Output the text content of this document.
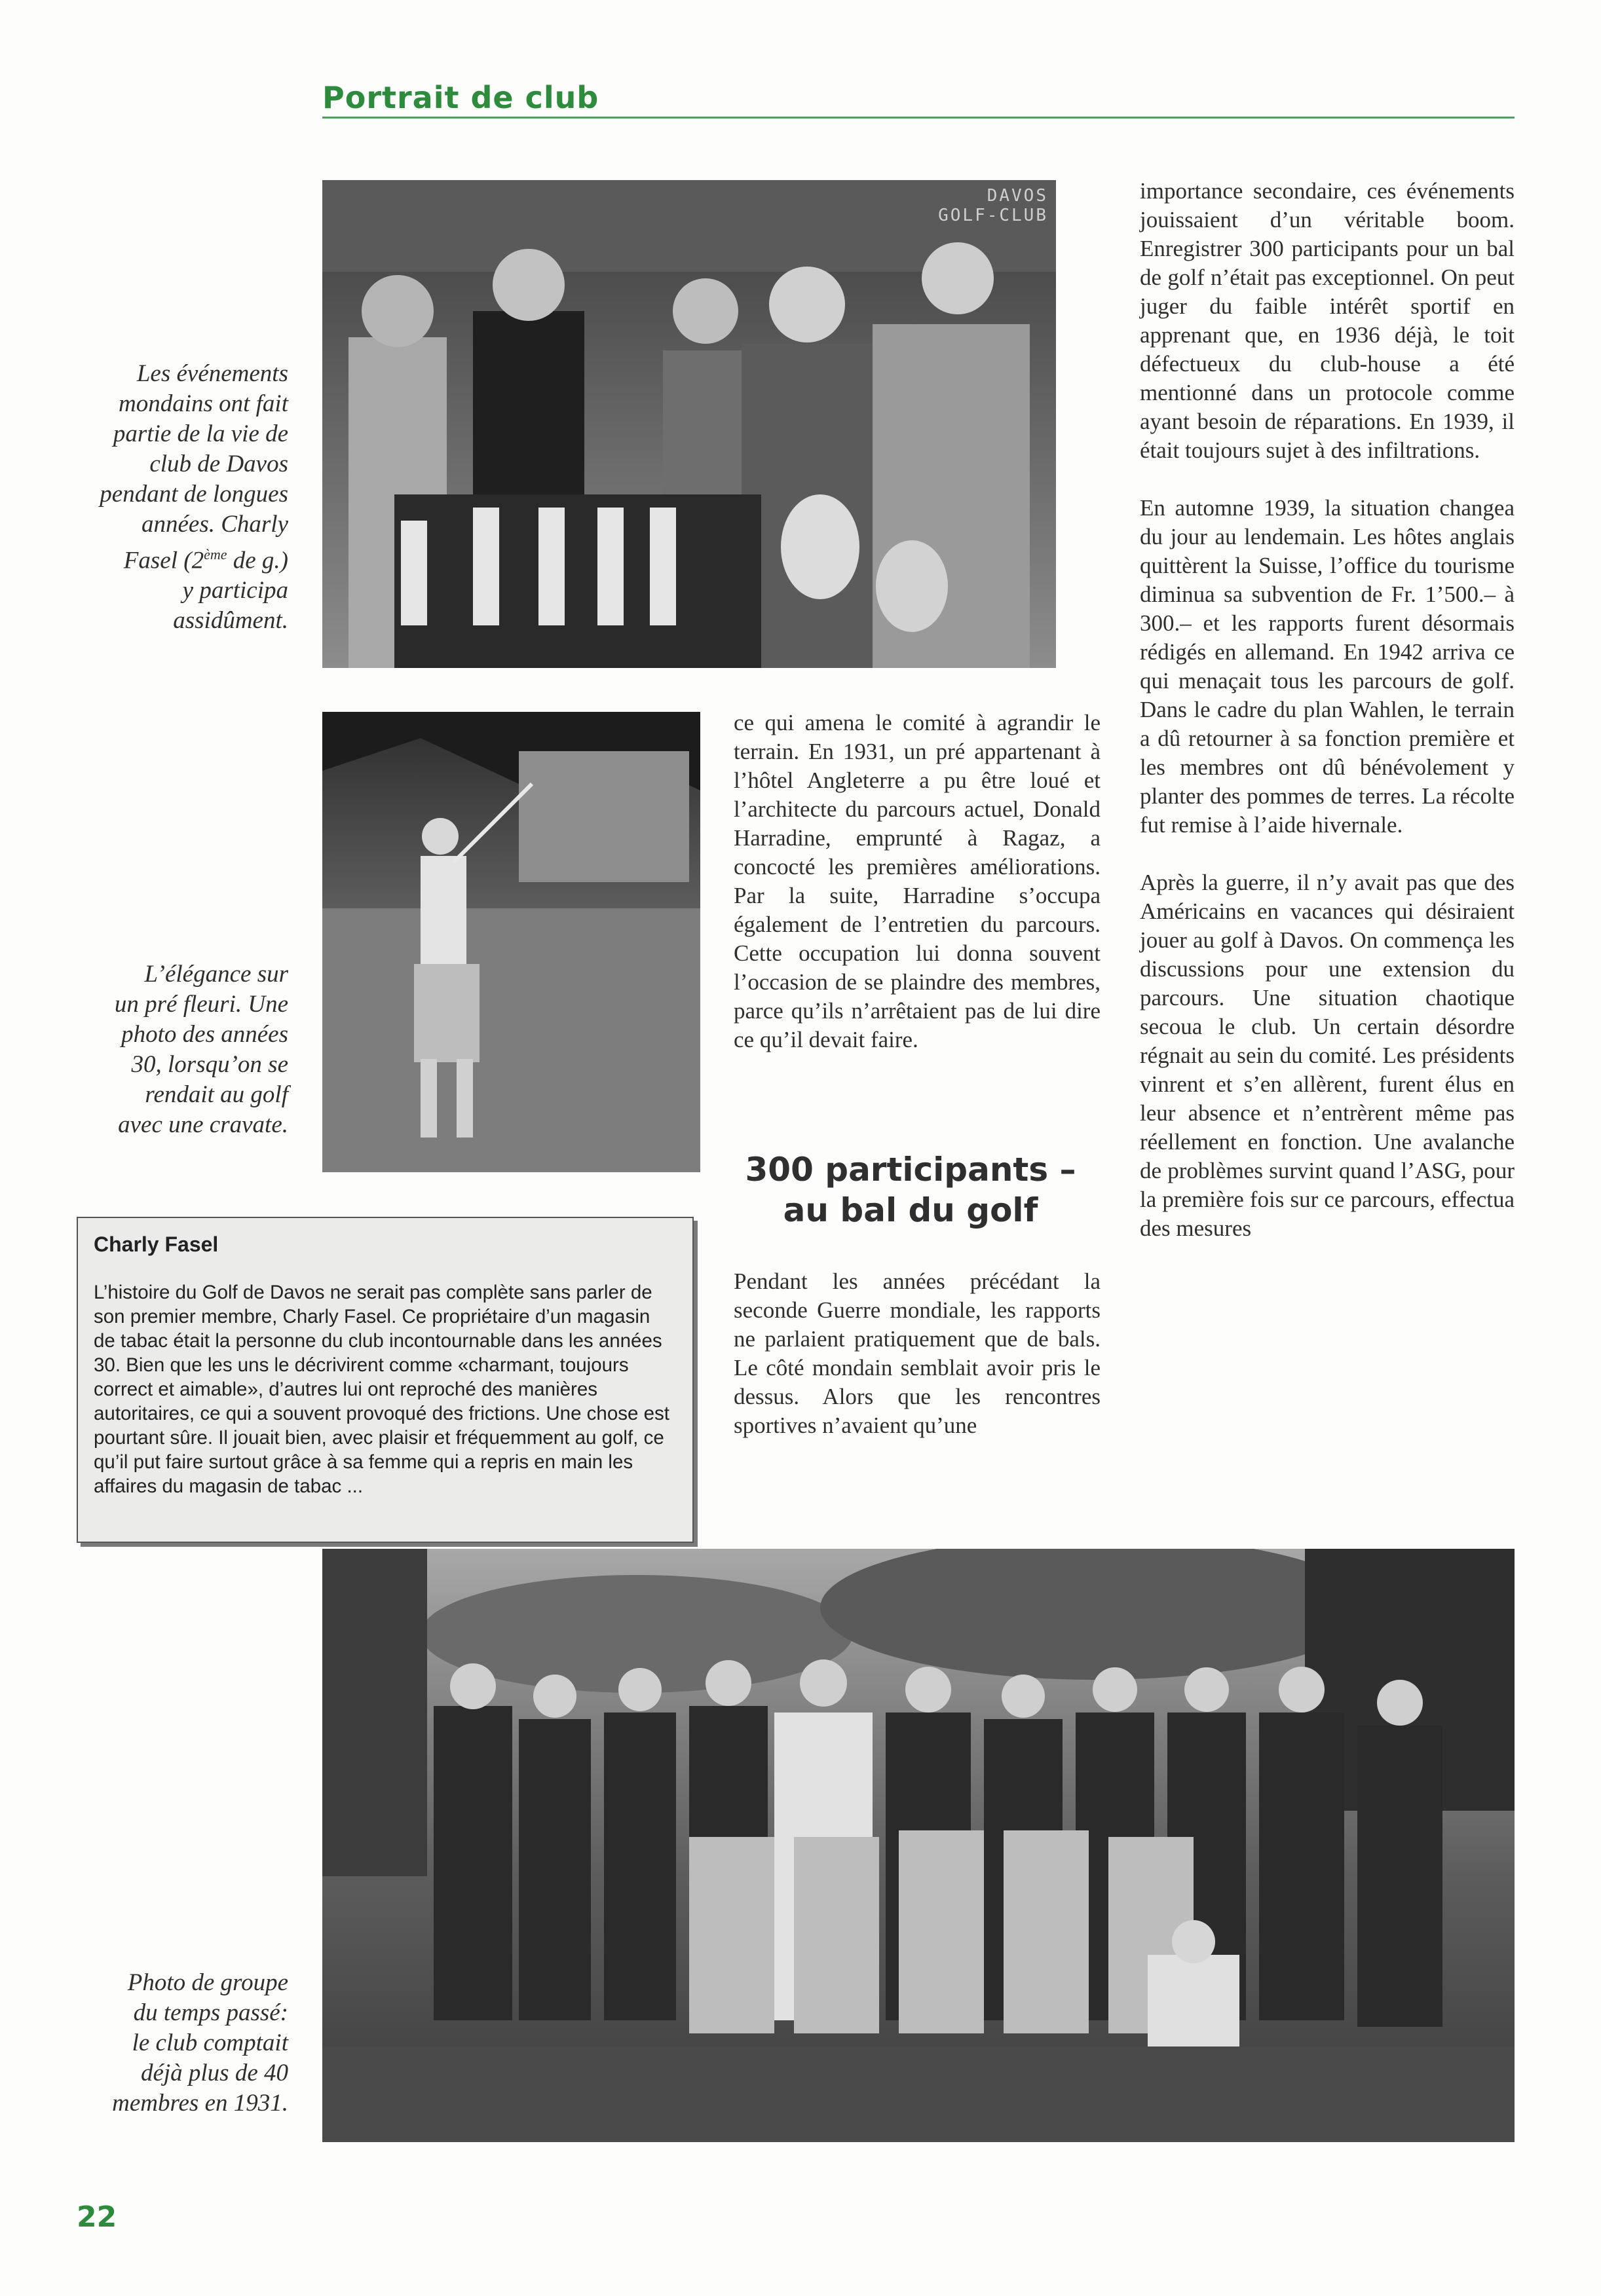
Portrait de club
DAVOS
GOLF-CLUB
Les événements
mondains ont fait
partie de la vie de
club de Davos
pendant de longues
années. Charly
Fasel (2ème de g.)
y participa
assidûment.
L’élégance sur
un pré fleuri. Une
photo des années
30, lorsqu’on se
rendait au golf
avec une cravate.
Photo de groupe
du temps passé:
le club comptait
déjà plus de 40
membres en 1931.
Charly Fasel
L’histoire du Golf de Davos ne serait pas complète sans parler de son premier membre, Charly Fasel. Ce propriétaire d’un magasin de tabac était la personne du club incontournable dans les années 30. Bien que les uns le décrivirent comme «charmant, toujours correct et aimable», d’autres lui ont reproché des manières autoritaires, ce qui a souvent provoqué des frictions. Une chose est pourtant sûre. Il jouait bien, avec plaisir et fréquemment au golf, ce qu’il put faire surtout grâce à sa femme qui a repris en main les affaires du magasin de tabac ...

ce qui amena le comité à agrandir le terrain. En 1931, un pré appartenant à l’hôtel Angleterre a pu être loué et l’architecte du parcours actuel, Donald Harradine, emprunté à Ragaz, a concocté les premières améliorations. Par la suite, Harradine s’occupa également de l’entretien du parcours. Cette occupation lui donna souvent l’occasion de se plaindre des membres, parce qu’ils n’arrêtaient pas de lui dire ce qu’il devait faire.

300 participants –
au bal du golf

Pendant les années précédant la seconde Guerre mondiale, les rapports ne parlaient pratiquement que de bals. Le côté mondain semblait avoir pris le dessus. Alors que les rencontres sportives n’avaient qu’une

importance secondaire, ces événements jouissaient d’un véritable boom. Enregistrer 300 participants pour un bal de golf n’était pas exceptionnel. On peut juger du faible intérêt sportif en apprenant que, en 1936 déjà, le toit défectueux du club-house a été mentionné dans un protocole comme ayant besoin de réparations. En 1939, il était toujours sujet à des infiltrations.

En automne 1939, la situation changea du jour au lendemain. Les hôtes anglais quittèrent la Suisse, l’office du tourisme diminua sa subvention de Fr. 1’500.– à 300.– et les rapports furent désormais rédigés en allemand. En 1942 arriva ce qui menaçait tous les parcours de golf. Dans le cadre du plan Wahlen, le terrain a dû retourner à sa fonction première et les membres ont dû bénévolement y planter des pommes de terres. La récolte fut remise à l’aide hivernale.

Après la guerre, il n’y avait pas que des Américains en vacances qui désiraient jouer au golf à Davos. On commença les discussions pour une extension du parcours. Une situation chaotique secoua le club. Un certain désordre régnait au sein du comité. Les présidents vinrent et s’en allèrent, furent élus en leur absence et n’entrèrent même pas réellement en fonction. Une avalanche de problèmes survint quand l’ASG, pour la première fois sur ce parcours, effectua des mesures

22
